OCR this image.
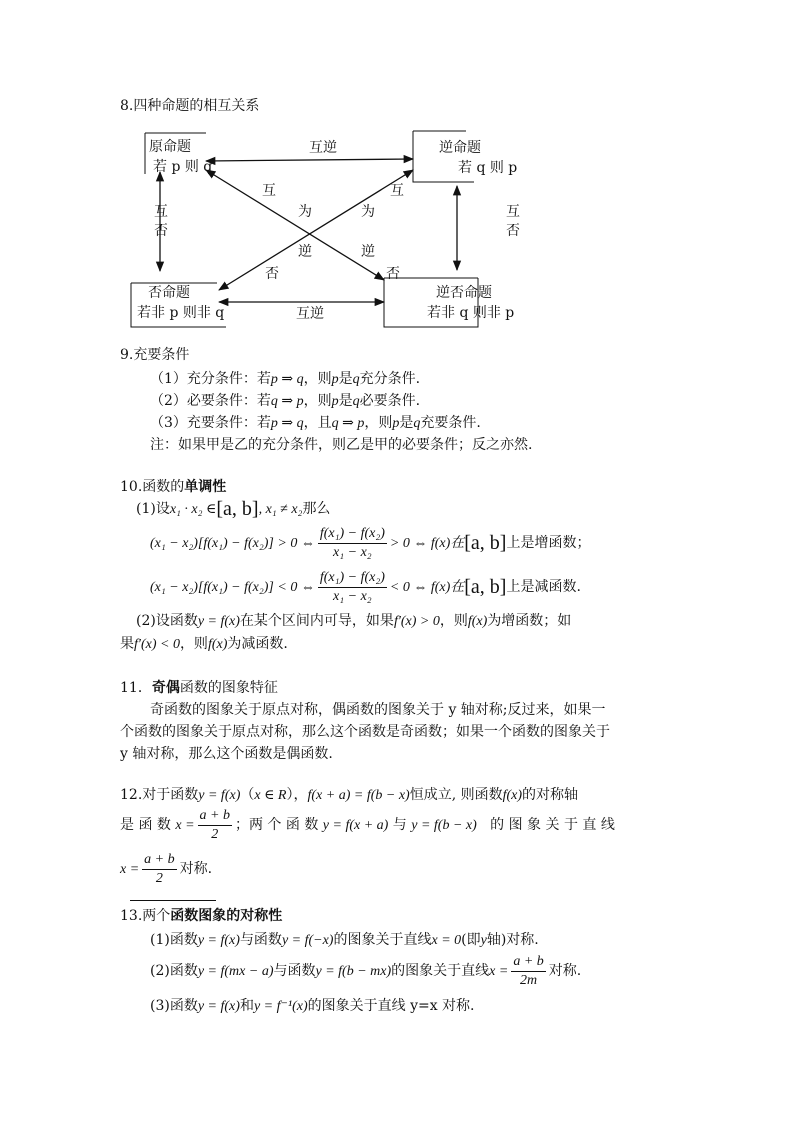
8.四种命题的相互关系
原命题
若 p 则 q
逆命题
若 q 则 p
否命题
若非 p 则非 q
逆否命题
若非 q 则非 p
互逆
互逆
互
否
互
否
互
为
逆
否
互
为
逆
否
9.充要条件
（1）充分条件：若p ⇒ q，则p是q充分条件.
（2）必要条件：若q ⇒ p，则p是q必要条件.
（3）充要条件：若p ⇒ q，且q ⇒ p，则p是q充要条件.
注：如果甲是乙的充分条件，则乙是甲的必要条件；反之亦然.
10.函数的单调性
(1)设x₁ · x₂ ∈[a, b], x₁ ≠ x₂那么
(x₁ − x₂)[f(x₁) − f(x₂)] > 0 ⇔ $\frac{\text{f(x₁) − f(x₂)}}{\text{x₁ − x₂}} > 0$ ⇔ f(x)在[a, b]上是增函数；
(x₁ − x₂)[f(x₁) − f(x₂)] < 0 ⇔ $\frac{\text{f(x₁) − f(x₂)}}{\text{x₁ − x₂}} < 0$ ⇔ f(x)在[a, b]上是减函数.
(2)设函数y = f(x)在某个区间内可导，如果f′(x) > 0，则f(x)为增函数；如
果f′(x) < 0，则f(x)为减函数.
11．奇偶函数的图象特征
奇函数的图象关于原点对称，偶函数的图象关于 y 轴对称;反过来，如果一
个函数的图象关于原点对称，那么这个函数是奇函数；如果一个函数的图象关于
y 轴对称，那么这个函数是偶函数.
12.对于函数y = f(x)（x ∈ R），f(x + a) = f(b − x)恒成立, 则函数f(x)的对称轴
是 函 数 $x = \frac{a + b}{2}$ ；两 个 函 数 y = f(x + a) 与 y = f(b − x) 的 图 象 关 于 直 线
$x = \frac{a + b}{2}$ 对称.
13.两个函数图象的对称性
(1)函数y = f(x)与函数y = f(−x)的图象关于直线x = 0(即y轴)对称.
(2)函数y = f(mx − a)与函数y = f(b − mx)的图象关于直线$x = \frac{a + b}{2m}$ 对称.
(3)函数y = f(x)和y = f⁻¹(x)的图象关于直线 y=x 对称.
